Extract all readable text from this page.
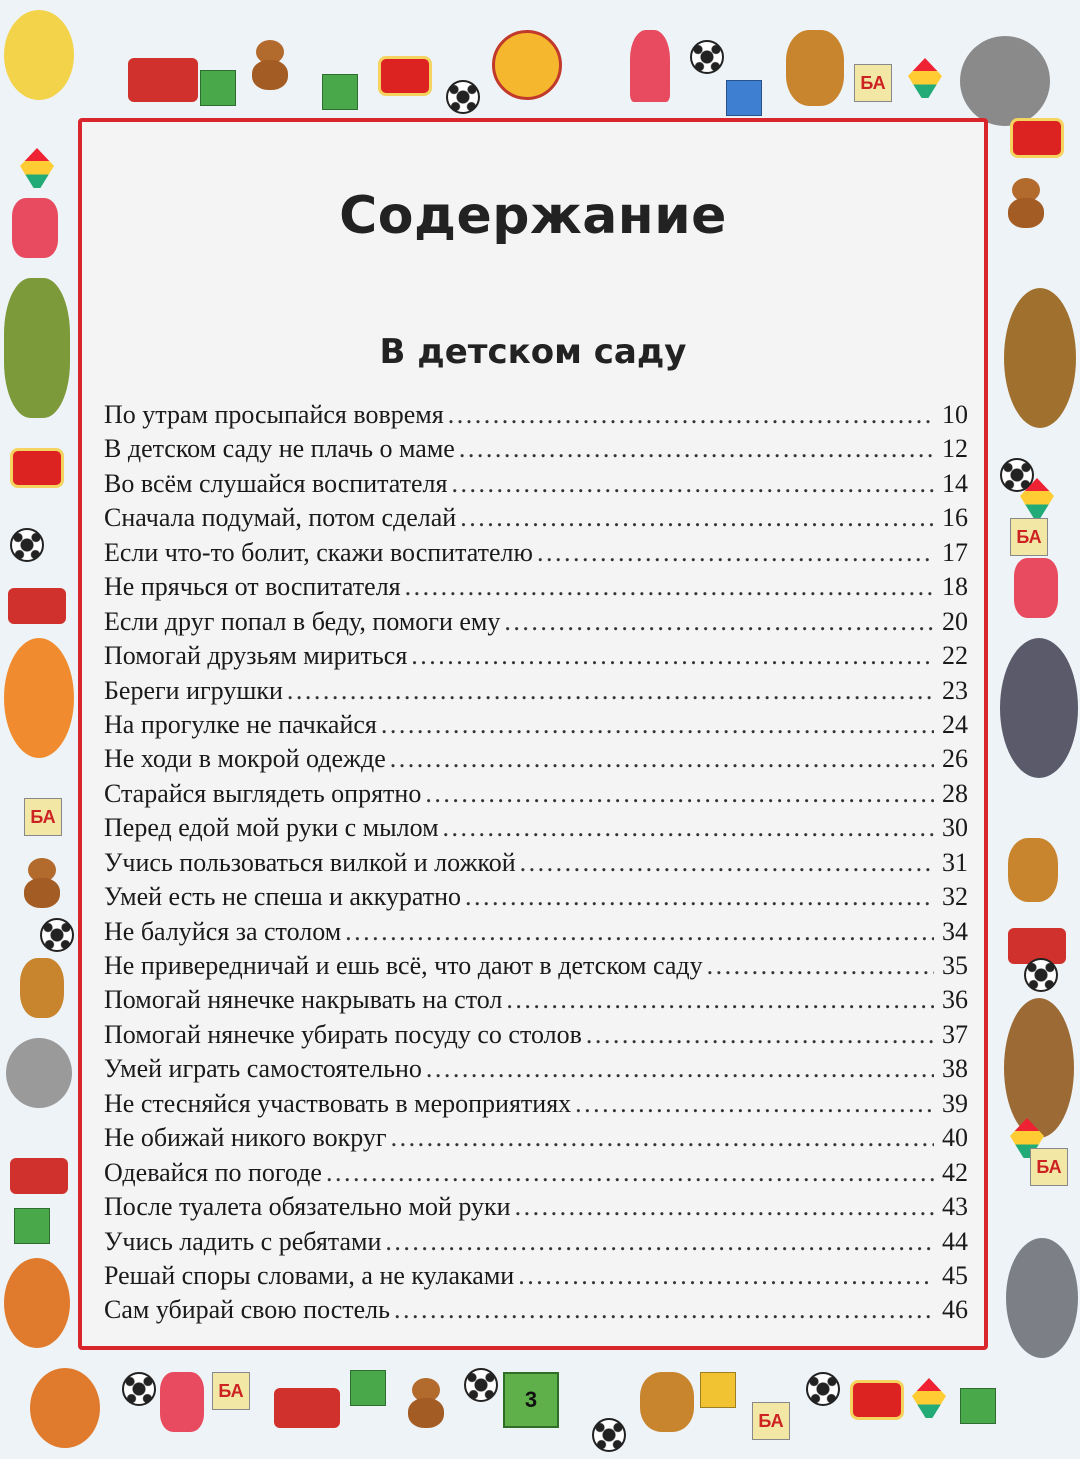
БА
БА
БА
БА
БА
БА
Содержание
В детском саду
По утрам просыпайся вовремя . . .	10
В детском саду не плачь о маме . . .	12
Во всём слушайся воспитателя . . .	14
Сначала подумай, потом сделай . . .	16
Если что-то болит, скажи воспитателю . . .	17
Не прячься от воспитателя . . .	18
Если друг попал в беду, помоги ему . . .	20
Помогай друзьям мириться . . .	22
Береги игрушки . . .	23
На прогулке не пачкайся . . .	24
Не ходи в мокрой одежде . . .	26
Старайся выглядеть опрятно . . .	28
Перед едой мой руки с мылом . . .	30
Учись пользоваться вилкой и ложкой . . .	31
Умей есть не спеша и аккуратно . . .	32
Не балуйся за столом . . .	34
Не привередничай и ешь всё, что дают в детском саду . . .	35
Помогай нянечке накрывать на стол . . .	36
Помогай нянечке убирать посуду со столов . . .	37
Умей играть самостоятельно . . .	38
Не стесняйся участвовать в мероприятиях . . .	39
Не обижай никого вокруг . . .	40
Одевайся по погоде . . .	42
После туалета обязательно мой руки . . .	43
Учись ладить с ребятами . . .	44
Решай споры словами, а не кулаками . . .	45
Сам убирай свою постель . . .	46
3
